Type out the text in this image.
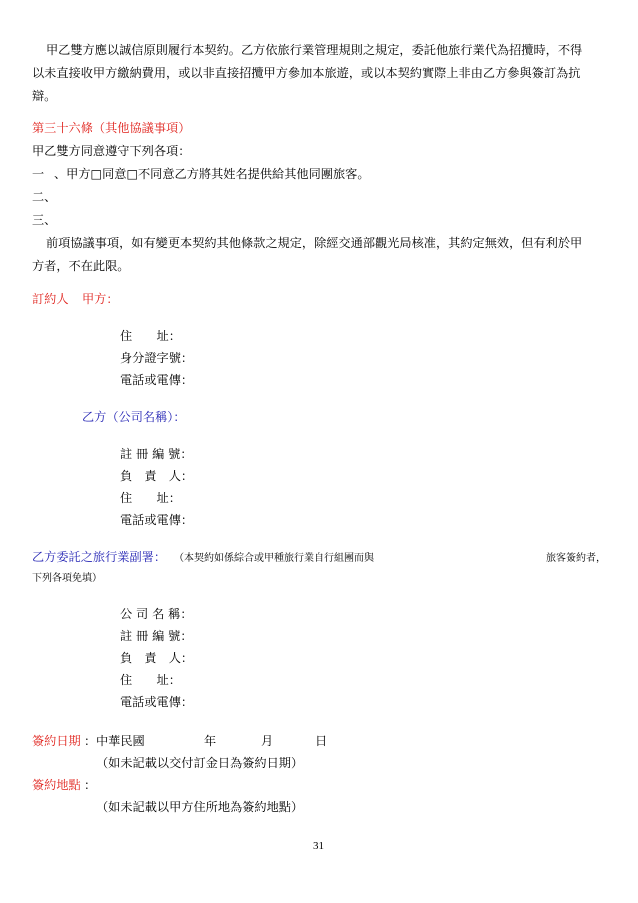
甲乙雙方應以誠信原則履行本契約。乙方依旅行業管理規則之規定，委託他旅行業代為招攬時，不得
以未直接收甲方繳納費用，或以非直接招攬甲方參加本旅遊，或以本契約實際上非由乙方參與簽訂為抗
辯。
第三十六條（其他協議事項）
甲乙雙方同意遵守下列各項：
一 、甲方□同意□不同意乙方將其姓名提供給其他同團旅客。
二、
三、
前項協議事項，如有變更本契約其他條款之規定，除經交通部觀光局核准，其約定無效，但有利於甲
方者，不在此限。
訂約人 甲方：
住　　址：
身分證字號：
電話或電傳：
乙方（公司名稱）：
註 冊 編 號：
負　責　人：
住　　址：
電話或電傳：
乙方委託之旅行業副署： （本契約如係綜合或甲種旅行業自行組團而與	旅客簽約者，
下列各項免填）
公 司 名 稱：
註 冊 編 號：
負　責　人：
住　　址：
電話或電傳：
簽約日期 ： 中華民國	年	月	日
（如未記載以交付訂金日為簽約日期）
簽約地點 ：
（如未記載以甲方住所地為簽約地點）
31
